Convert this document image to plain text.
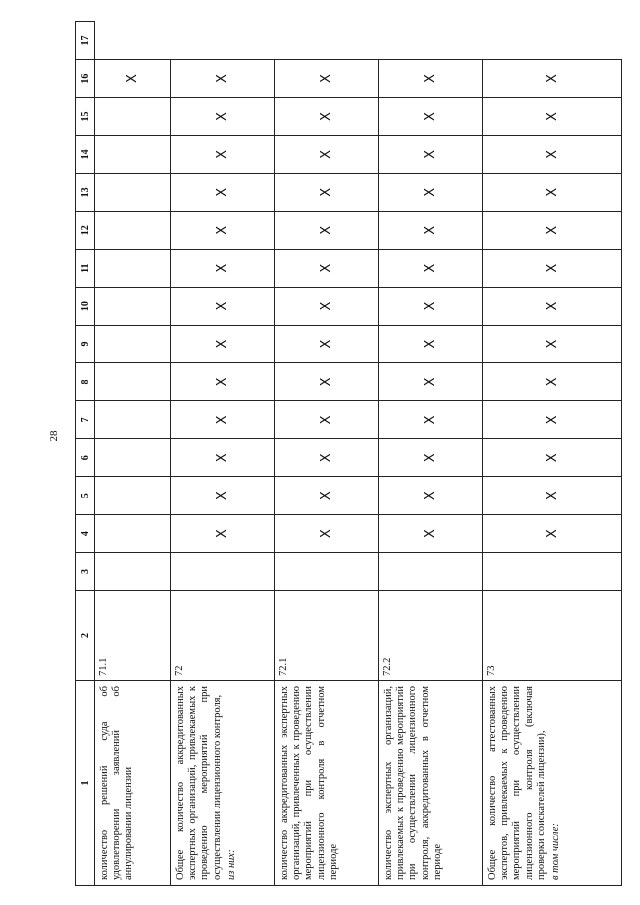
28
1	2	3	4	5	6	7	8	9	10	11	12	13	14	15	16	17
количество решений суда об удовлетворении заявлений об аннулировании лицензии	71.1														X	
Общее количество аккредитованных экспертных организаций, привлекаемых к проведению мероприятий при осуществлении лицензионного контроля, из них:	72		X	X	X	X	X	X	X	X	X	X	X	X	X	
количество аккредитованных экспертных организаций, привлеченных к проведению мероприятий при осуществлении лицензионного контроля в отчетном периоде	72.1		X	X	X	X	X	X	X	X	X	X	X	X	X	
количество экспертных организаций, привлекаемых к проведению мероприятий при осуществлении лицензионного контроля, аккредитованных в отчетном периоде	72.2		X	X	X	X	X	X	X	X	X	X	X	X	X	
Общее количество аттестованных экспертов, привлекаемых к проведению мероприятий при осуществлении лицензионного контроля (включая проверки соискателей лицензии), в том числе:	73		X	X	X	X	X	X	X	X	X	X	X	X	X	
